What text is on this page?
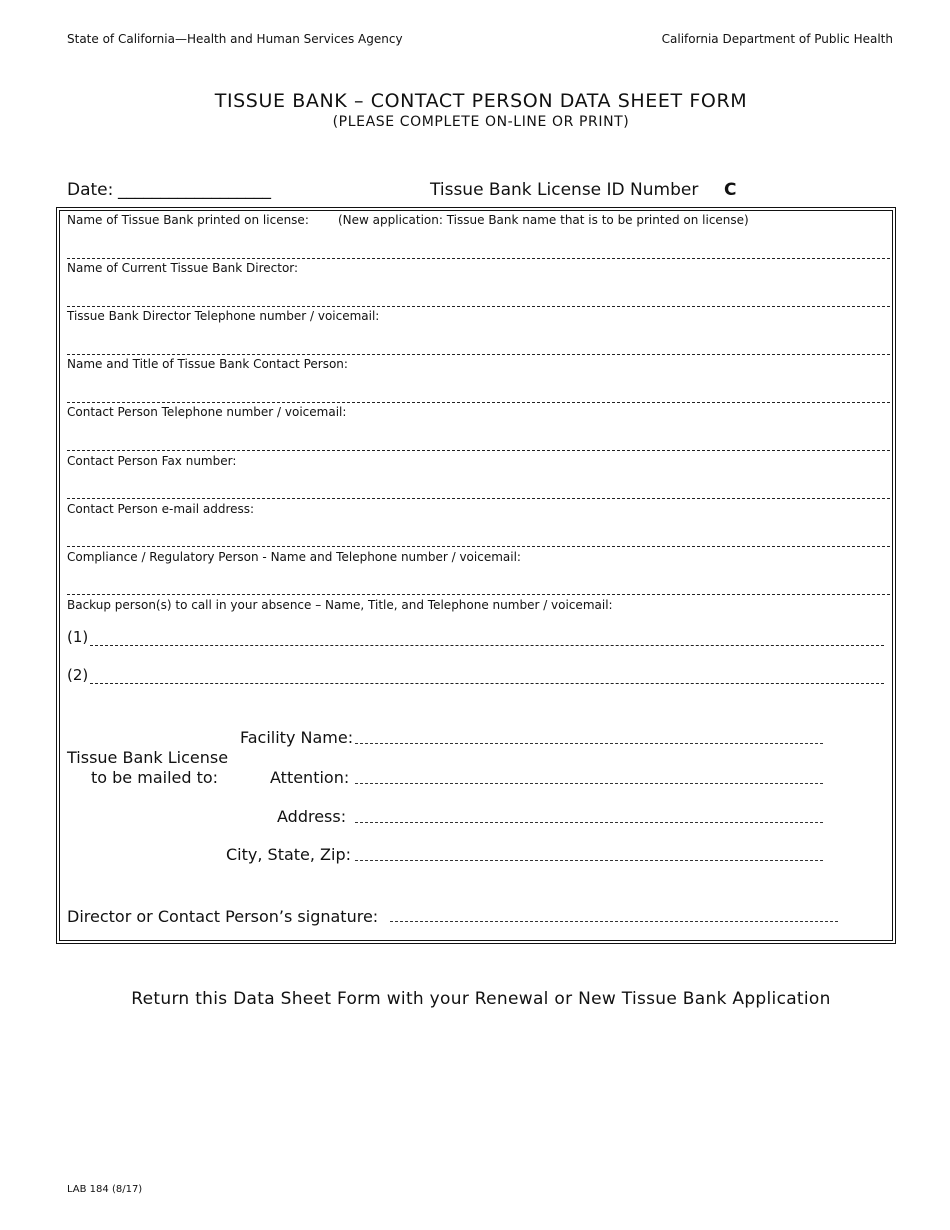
State of California—Health and Human Services Agency	California Department of Public Health
TISSUE BANK – CONTACT PERSON DATA SHEET FORM
(PLEASE COMPLETE ON-LINE OR PRINT)
Date: __________________	Tissue Bank License ID Number C
Name of Tissue Bank printed on license: (New application: Tissue Bank name that is to be printed on license)
Name of Current Tissue Bank Director:
Tissue Bank Director Telephone number / voicemail:
Name and Title of Tissue Bank Contact Person:
Contact Person Telephone number / voicemail:
Contact Person Fax number:
Contact Person e-mail address:
Compliance / Regulatory Person - Name and Telephone number / voicemail:
Backup person(s) to call in your absence – Name, Title, and Telephone number / voicemail:
(1)
(2)
Tissue Bank License
to be mailed to:
Facility Name:
Attention:
Address:
City, State, Zip:
Director or Contact Person’s signature:
Return this Data Sheet Form with your Renewal or New Tissue Bank Application
LAB 184 (8/17)
